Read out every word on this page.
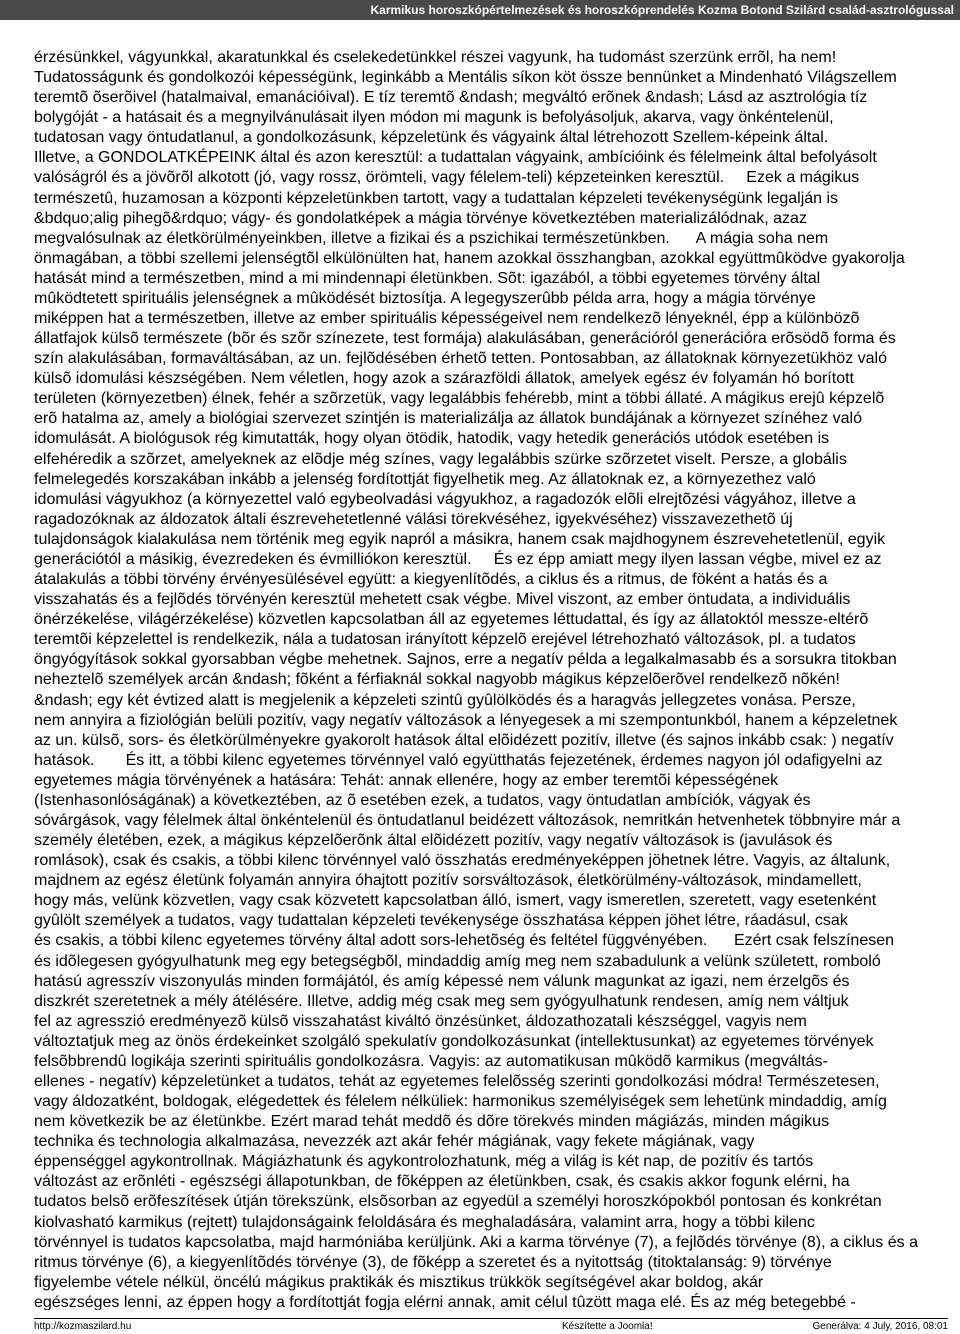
Karmikus horoszkópértelmezések és horoszkóprendelés Kozma Botond Szilárd család-asztrológussal
érzésünkkel, vágyunkkal, akaratunkkal és cselekedetünkkel részei vagyunk, ha tudomást szerzünk errõl, ha nem!
Tudatosságunk és gondolkozói képességünk, leginkább a Mentális síkon köt össze bennünket a Mindenható Világszellem
teremtõ õserõivel (hatalmaival, emanációival). E tíz teremtõ &ndash; megváltó erõnek &ndash; Lásd az asztrológia tíz
bolygóját - a hatásait és a megnyilvánulásait ilyen módon mi magunk is befolyásoljuk, akarva, vagy önkéntelenül,
tudatosan vagy öntudatlanul, a gondolkozásunk, képzeletünk és vágyaink által létrehozott Szellem-képeink által.
Illetve, a GONDOLATKÉPEINK által és azon keresztül: a tudattalan vágyaink, ambícióink és félelmeink által befolyásolt
valóságról és a jövõrõl alkotott (jó, vagy rossz, örömteli, vagy félelem-teli) képzeteinken keresztül.     Ezek a mágikus
természetû, huzamosan a központi képzeletünkben tartott, vagy a tudattalan képzeleti tevékenységünk legalján is
&bdquo;alig pihegõ&rdquo; vágy- és gondolatképek a mágia törvénye következtében materializálódnak, azaz
megvalósulnak az életkörülményeinkben, illetve a fizikai és a pszichikai természetünkben.      A mágia soha nem
önmagában, a többi szellemi jelenségtõl elkülönülten hat, hanem azokkal összhangban, azokkal együttmûködve gyakorolja
hatását mind a természetben, mind a mi mindennapi életünkben. Sõt: igazából, a többi egyetemes törvény által
mûködtetett spirituális jelenségnek a mûködését biztosítja. A legegyszerûbb példa arra, hogy a mágia törvénye
miképpen hat a természetben, illetve az ember spirituális képességeivel nem rendelkezõ lényeknél, épp a különbözõ
állatfajok külsõ természete (bõr és szõr színezete, test formája) alakulásában, generációról generációra erõsödõ forma és
szín alakulásában, formaváltásában, az un. fejlõdésében érhetõ tetten. Pontosabban, az állatoknak környezetükhöz való
külsõ idomulási készségében. Nem véletlen, hogy azok a szárazföldi állatok, amelyek egész év folyamán hó borított
területen (környezetben) élnek, fehér a szõrzetük, vagy legalábbis fehérebb, mint a többi állaté. A mágikus erejû képzelõ
erõ hatalma az, amely a biológiai szervezet szintjén is materializálja az állatok bundájának a környezet színéhez való
idomulását. A biológusok rég kimutatták, hogy olyan ötödik, hatodik, vagy hetedik generációs utódok esetében is
elfehéredik a szõrzet, amelyeknek az elõdje még színes, vagy legalábbis szürke szõrzetet viselt. Persze, a globális
felmelegedés korszakában inkább a jelenség fordítottját figyelhetik meg. Az állatoknak ez, a környezethez való
idomulási vágyukhoz (a környezettel való egybeolvadási vágyukhoz, a ragadozók elõli elrejtõzési vágyához, illetve a
ragadozóknak az áldozatok általi észrevehetetlenné válási törekvéséhez, igyekvéséhez) visszavezethetõ új
tulajdonságok kialakulása nem történik meg egyik napról a másikra, hanem csak majdhogynem észrevehetetlenül, egyik
generációtól a másikig, évezredeken és évmilliókon keresztül.     És ez épp amiatt megy ilyen lassan végbe, mivel ez az
átalakulás a többi törvény érvényesülésével együtt: a kiegyenlítõdés, a ciklus és a ritmus, de föként a hatás és a
visszahatás és a fejlõdés törvényén keresztül mehetett csak végbe. Mivel viszont, az ember öntudata, a individuális
önérzékelése, világérzékelése) közvetlen kapcsolatban áll az egyetemes léttudattal, és így az állatoktól messze-eltérõ
teremtõi képzelettel is rendelkezik, nála a tudatosan irányított képzelõ erejével létrehozható változások, pl. a tudatos
öngyógyítások sokkal gyorsabban végbe mehetnek. Sajnos, erre a negatív példa a legalkalmasabb és a sorsukra titokban
neheztelõ személyek arcán &ndash; fõként a férfiaknál sokkal nagyobb mágikus képzelõerõvel rendelkezõ nõkén!
&ndash; egy két évtized alatt is megjelenik a képzeleti szintû gyûlölködés és a haragvás jellegzetes vonása. Persze,
nem annyira a fiziológián belüli pozitív, vagy negatív változások a lényegesek a mi szempontunkból, hanem a képzeletnek
az un. külsõ, sors- és életkörülményekre gyakorolt hatások által elõidézett pozitív, illetve (és sajnos inkább csak: ) negatív
hatások.       És itt, a többi kilenc egyetemes törvénnyel való együtthatás fejezetének, érdemes nagyon jól odafigyelni az
egyetemes mágia törvényének a hatására: Tehát: annak ellenére, hogy az ember teremtõi képességének
(Istenhasonlóságának) a következtében, az õ esetében ezek, a tudatos, vagy öntudatlan ambíciók, vágyak és
sóvárgások, vagy félelmek által önkéntelenül és öntudatlanul beidézett változások, nemritkán hetvenhetek többnyire már a
személy életében, ezek, a mágikus képzelõerõnk által elõidézett pozitív, vagy negatív változások is (javulások és
romlások), csak és csakis, a többi kilenc törvénnyel való összhatás eredményeképpen jöhetnek létre. Vagyis, az általunk,
majdnem az egész életünk folyamán annyira óhajtott pozitív sorsváltozások, életkörülmény-változások, mindamellett,
hogy más, velünk közvetlen, vagy csak közvetett kapcsolatban álló, ismert, vagy ismeretlen, szeretett, vagy esetenként
gyûlölt személyek a tudatos, vagy tudattalan képzeleti tevékenysége összhatása képpen jöhet létre, ráadásul, csak
és csakis, a többi kilenc egyetemes törvény által adott sors-lehetõség és feltétel függvényében.      Ezért csak felszínesen
és idõlegesen gyógyulhatunk meg egy betegségbõl, mindaddig amíg meg nem szabadulunk a velünk született, romboló
hatású agresszív viszonyulás minden formájától, és amíg képessé nem válunk magunkat az igazi, nem érzelgõs és
diszkrét szeretetnek a mély átélésére. Illetve, addig még csak meg sem gyógyulhatunk rendesen, amíg nem váltjuk
fel az agresszió eredményezõ külsõ visszahatást kiváltó önzésünket, áldozathozatali készséggel, vagyis nem
változtatjuk meg az önös érdekeinket szolgáló spekulatív gondolkozásunkat (intellektusunkat) az egyetemes törvények
felsõbbrendû logikája szerinti spirituális gondolkozásra. Vagyis: az automatikusan mûködõ karmikus (megváltás-
ellenes - negatív) képzeletünket a tudatos, tehát az egyetemes felelõsség szerinti gondolkozási módra! Természetesen,
vagy áldozatként, boldogak, elégedettek és félelem nélküliek: harmonikus személyiségek sem lehetünk mindaddig, amíg
nem következik be az életünkbe. Ezért marad tehát meddõ és dõre törekvés minden mágiázás, minden mágikus
technika és technologia alkalmazása, nevezzék azt akár fehér mágiának, vagy fekete mágiának, vagy
éppenséggel agykontrollnak. Mágiázhatunk és agykontrolozhatunk, még a világ is két nap, de pozitív és tartós
változást az erõnléti - egészségi állapotunkban, de fõképpen az életünkben, csak, és csakis akkor fogunk elérni, ha
tudatos belsõ erõfeszítések útján törekszünk, elsõsorban az egyedül a személyi horoszkópokból pontosan és konkrétan
kiolvasható karmikus (rejtett) tulajdonságaink feloldására és meghaladására, valamint arra, hogy a többi kilenc
törvénnyel is tudatos kapcsolatba, majd harmóniába kerüljünk. Aki a karma törvénye (7), a fejlõdés törvénye (8), a ciklus és a
ritmus törvénye (6), a kiegyenlítõdés törvénye (3), de fõképp a szeretet és a nyitottság (titoktalanság: 9) törvénye
figyelembe vétele nélkül, öncélú mágikus praktikák és misztikus trükkök segítségével akar boldog, akár
egészséges lenni, az éppen hogy a fordítottját fogja elérni annak, amit célul tûzött maga elé. És az még betegebbé -
http://kozmaszilard.hu	Készítette a Joomla!	Generálva: 4 July, 2016, 08:01
